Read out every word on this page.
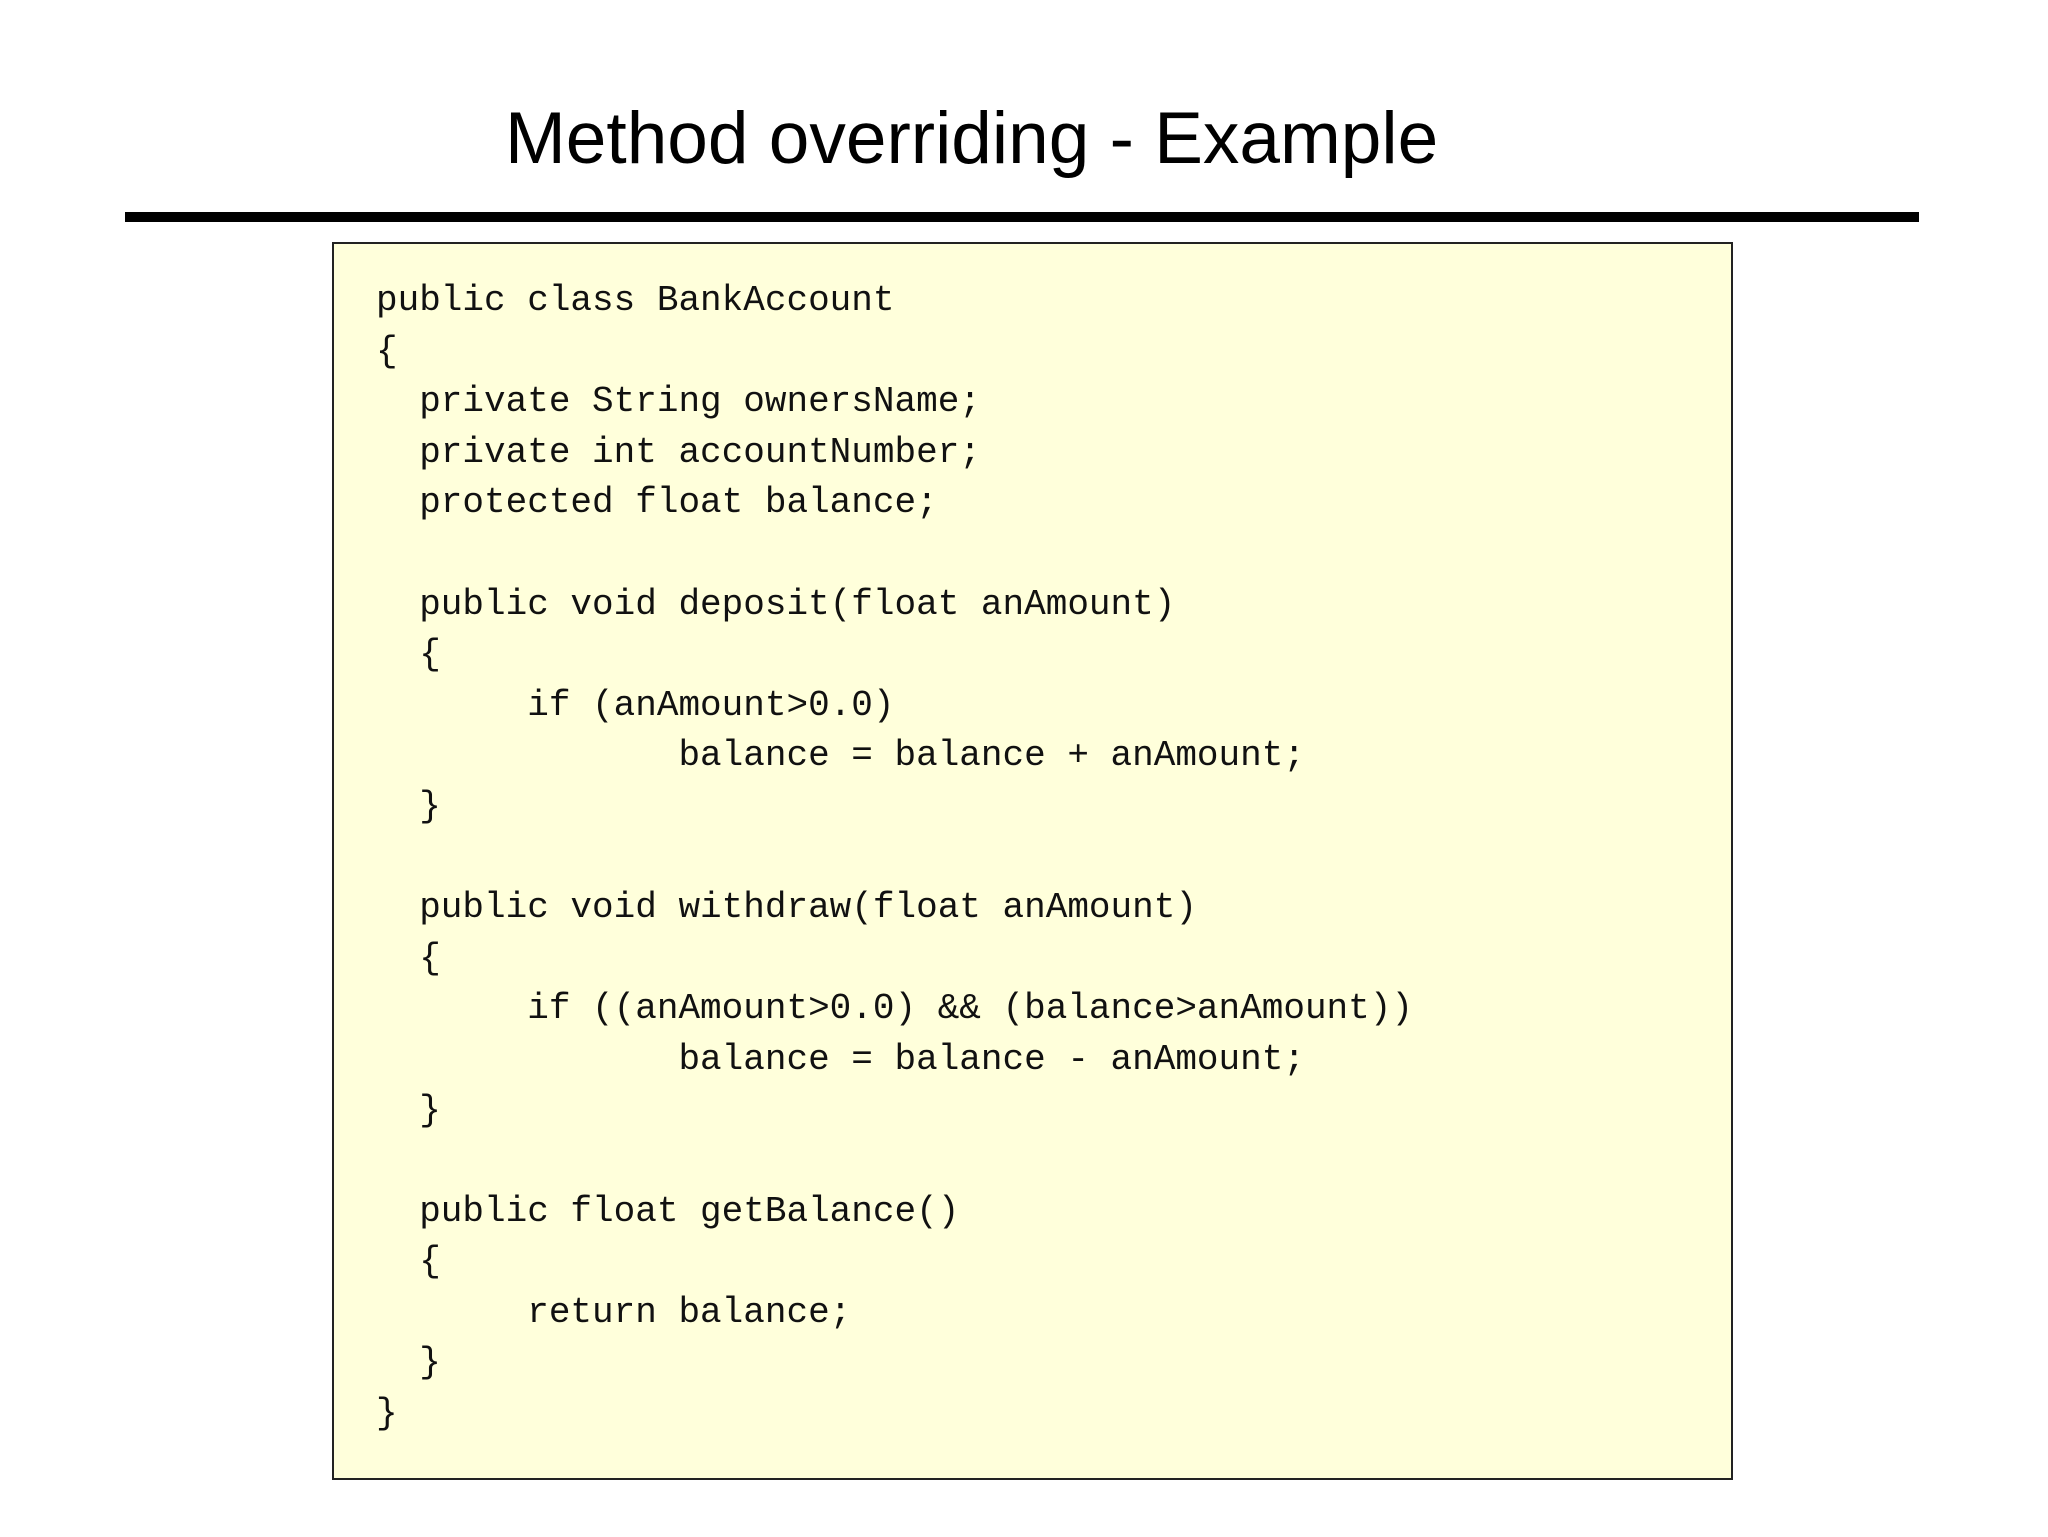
Method overriding - Example
public class BankAccount
{
private String ownersName;
private int accountNumber;
protected float balance;
public void deposit(float anAmount)
{
if (anAmount>0.0)
balance = balance + anAmount;
}
public void withdraw(float anAmount)
{
if ((anAmount>0.0) && (balance>anAmount))
balance = balance - anAmount;
}
public float getBalance()
{
return balance;
}
}
